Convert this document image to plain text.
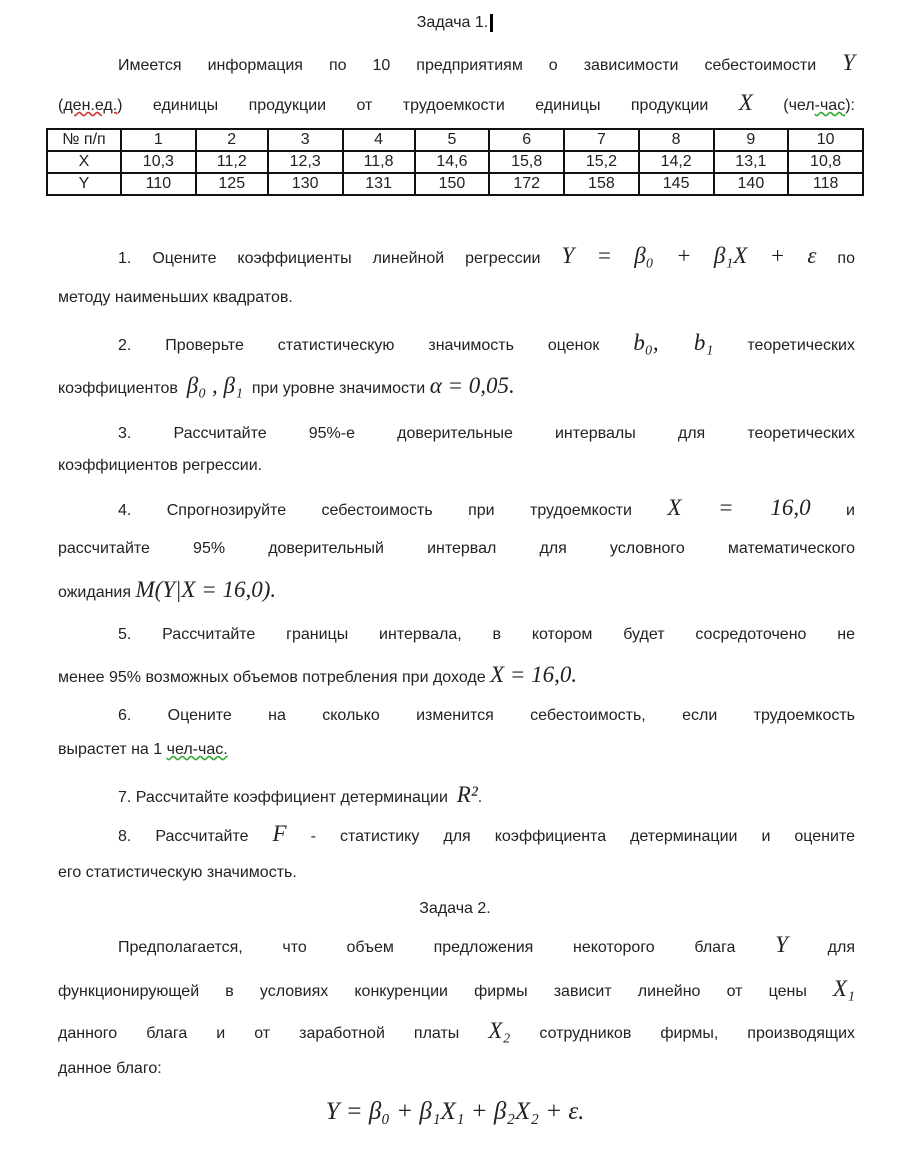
Задача 1.
Имеется информация по 10 предприятиям о зависимости себестоимости Y
(ден.ед.) единицы продукции от трудоемкости единицы продукции X (чел-час):
№ п/п	1	2	3	4	5	6	7	8	9	10
X	10,3	11,2	12,3	11,8	14,6	15,8	15,2	14,2	13,1	10,8
Y	110	125	130	131	150	172	158	145	140	118
1. Оцените коэффициенты линейной регрессии Y = β₀ + β₁X + ε по
методу наименьших квадратов.
2. Проверьте статистическую значимость оценок b₀, b₁ теоретических
коэффициентов β₀ , β₁ при уровне значимости α = 0,05.
3. Рассчитайте 95%-е доверительные интервалы для теоретических
коэффициентов регрессии.
4. Спрогнозируйте себестоимость при трудоемкости X = 16,0 и
рассчитайте 95% доверительный интервал для условного математического
ожидания M(Y|X = 16,0).
5. Рассчитайте границы интервала, в котором будет сосредоточено не
менее 95% возможных объемов потребления при доходе X = 16,0.
6. Оцените на сколько изменится себестоимость, если трудоемкость
вырастет на 1 чел-час.
7. Рассчитайте коэффициент детерминации R².
8. Рассчитайте F - статистику для коэффициента детерминации и оцените
его статистическую значимость.
Задача 2.
Предполагается, что объем предложения некоторого блага Y для
функционирующей в условиях конкуренции фирмы зависит линейно от цены X₁
данного блага и от заработной платы X₂ сотрудников фирмы, производящих
данное благо:
Y = β₀ + β₁X₁ + β₂X₂ + ε.
